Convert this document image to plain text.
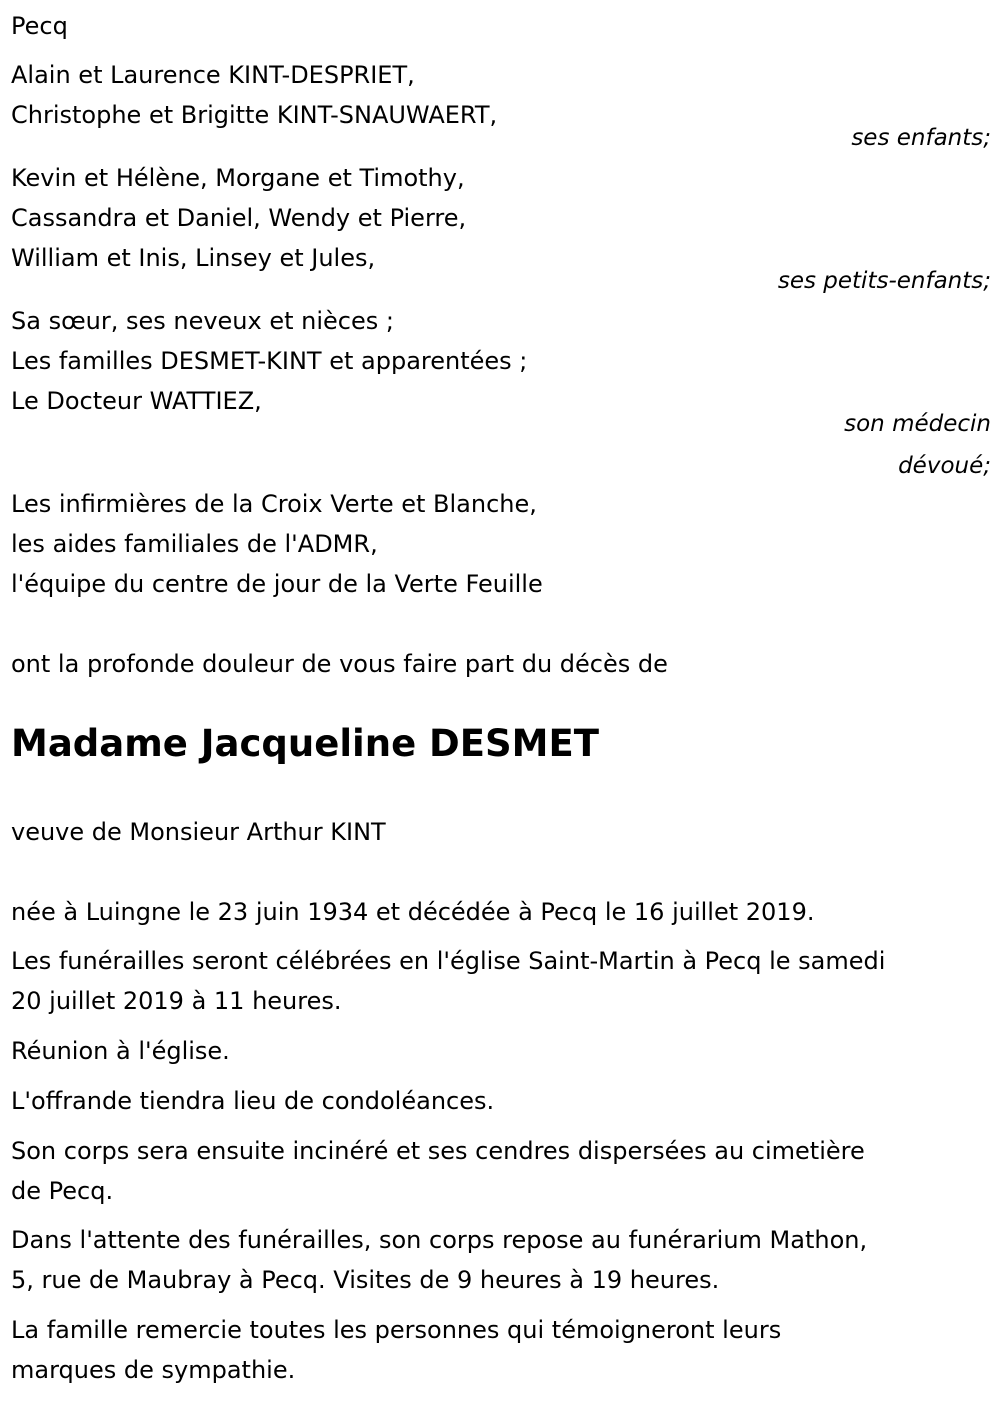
Pecq
Alain et Laurence KINT-DESPRIET,
Christophe et Brigitte KINT-SNAUWAERT,
ses enfants;
Kevin et Hélène, Morgane et Timothy,
Cassandra et Daniel, Wendy et Pierre,
William et Inis, Linsey et Jules,
ses petits-enfants;
Sa sœur, ses neveux et nièces ;
Les familles DESMET-KINT et apparentées ;
Le Docteur WATTIEZ,
son médecin
dévoué;
Les infirmières de la Croix Verte et Blanche,
les aides familiales de l'ADMR,
l'équipe du centre de jour de la Verte Feuille
ont la profonde douleur de vous faire part du décès de
Madame Jacqueline DESMET
veuve de Monsieur Arthur KINT
née à Luingne le 23 juin 1934 et décédée à Pecq le 16 juillet 2019.
Les funérailles seront célébrées en l'église Saint-Martin à Pecq le samedi
20 juillet 2019 à 11 heures.
Réunion à l'église.
L'offrande tiendra lieu de condoléances.
Son corps sera ensuite incinéré et ses cendres dispersées au cimetière
de Pecq.
Dans l'attente des funérailles, son corps repose au funérarium Mathon,
5, rue de Maubray à Pecq. Visites de 9 heures à 19 heures.
La famille remercie toutes les personnes qui témoigneront leurs
marques de sympathie.
